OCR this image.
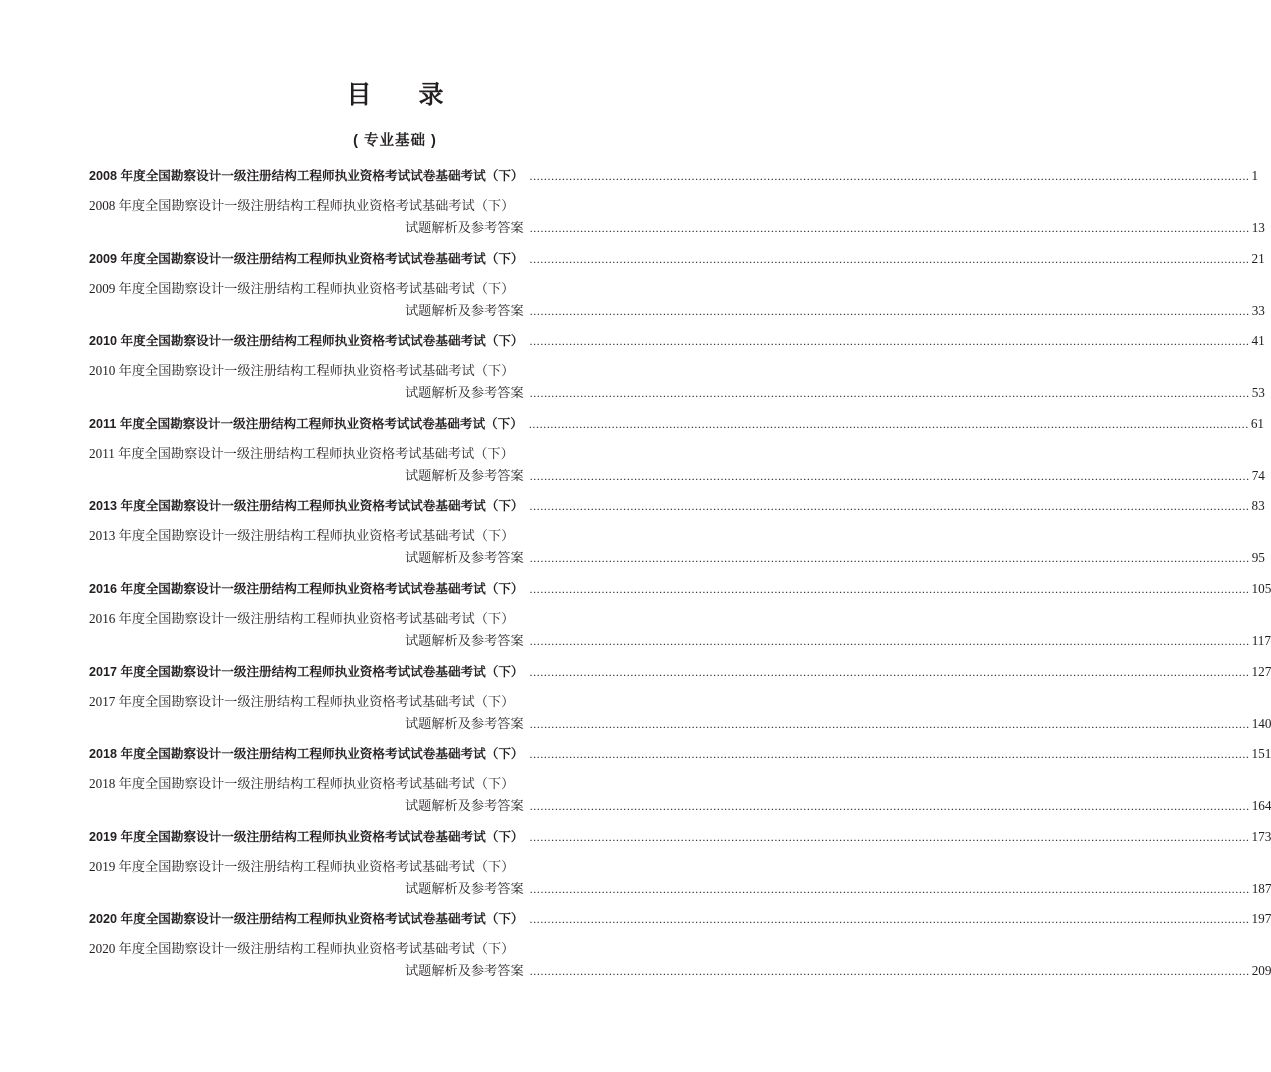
目 录
( 专业基础 )
2008 年度全国勘察设计一级注册结构工程师执业资格考试试卷基础考试（下） ........................................................................................................................................................................................................ 1
2008 年度全国勘察设计一级注册结构工程师执业资格考试基础考试（下）
试题解析及参考答案 ........................................................................................................................................................................................................ 13
2009 年度全国勘察设计一级注册结构工程师执业资格考试试卷基础考试（下） ........................................................................................................................................................................................................ 21
2009 年度全国勘察设计一级注册结构工程师执业资格考试基础考试（下）
试题解析及参考答案 ........................................................................................................................................................................................................ 33
2010 年度全国勘察设计一级注册结构工程师执业资格考试试卷基础考试（下） ........................................................................................................................................................................................................ 41
2010 年度全国勘察设计一级注册结构工程师执业资格考试基础考试（下）
试题解析及参考答案 ........................................................................................................................................................................................................ 53
2011 年度全国勘察设计一级注册结构工程师执业资格考试试卷基础考试（下） ........................................................................................................................................................................................................ 61
2011 年度全国勘察设计一级注册结构工程师执业资格考试基础考试（下）
试题解析及参考答案 ........................................................................................................................................................................................................ 74
2013 年度全国勘察设计一级注册结构工程师执业资格考试试卷基础考试（下） ........................................................................................................................................................................................................ 83
2013 年度全国勘察设计一级注册结构工程师执业资格考试基础考试（下）
试题解析及参考答案 ........................................................................................................................................................................................................ 95
2016 年度全国勘察设计一级注册结构工程师执业资格考试试卷基础考试（下） ........................................................................................................................................................................................................ 105
2016 年度全国勘察设计一级注册结构工程师执业资格考试基础考试（下）
试题解析及参考答案 ........................................................................................................................................................................................................ 117
2017 年度全国勘察设计一级注册结构工程师执业资格考试试卷基础考试（下） ........................................................................................................................................................................................................ 127
2017 年度全国勘察设计一级注册结构工程师执业资格考试基础考试（下）
试题解析及参考答案 ........................................................................................................................................................................................................ 140
2018 年度全国勘察设计一级注册结构工程师执业资格考试试卷基础考试（下） ........................................................................................................................................................................................................ 151
2018 年度全国勘察设计一级注册结构工程师执业资格考试基础考试（下）
试题解析及参考答案 ........................................................................................................................................................................................................ 164
2019 年度全国勘察设计一级注册结构工程师执业资格考试试卷基础考试（下） ........................................................................................................................................................................................................ 173
2019 年度全国勘察设计一级注册结构工程师执业资格考试基础考试（下）
试题解析及参考答案 ........................................................................................................................................................................................................ 187
2020 年度全国勘察设计一级注册结构工程师执业资格考试试卷基础考试（下） ........................................................................................................................................................................................................ 197
2020 年度全国勘察设计一级注册结构工程师执业资格考试基础考试（下）
试题解析及参考答案 ........................................................................................................................................................................................................ 209
